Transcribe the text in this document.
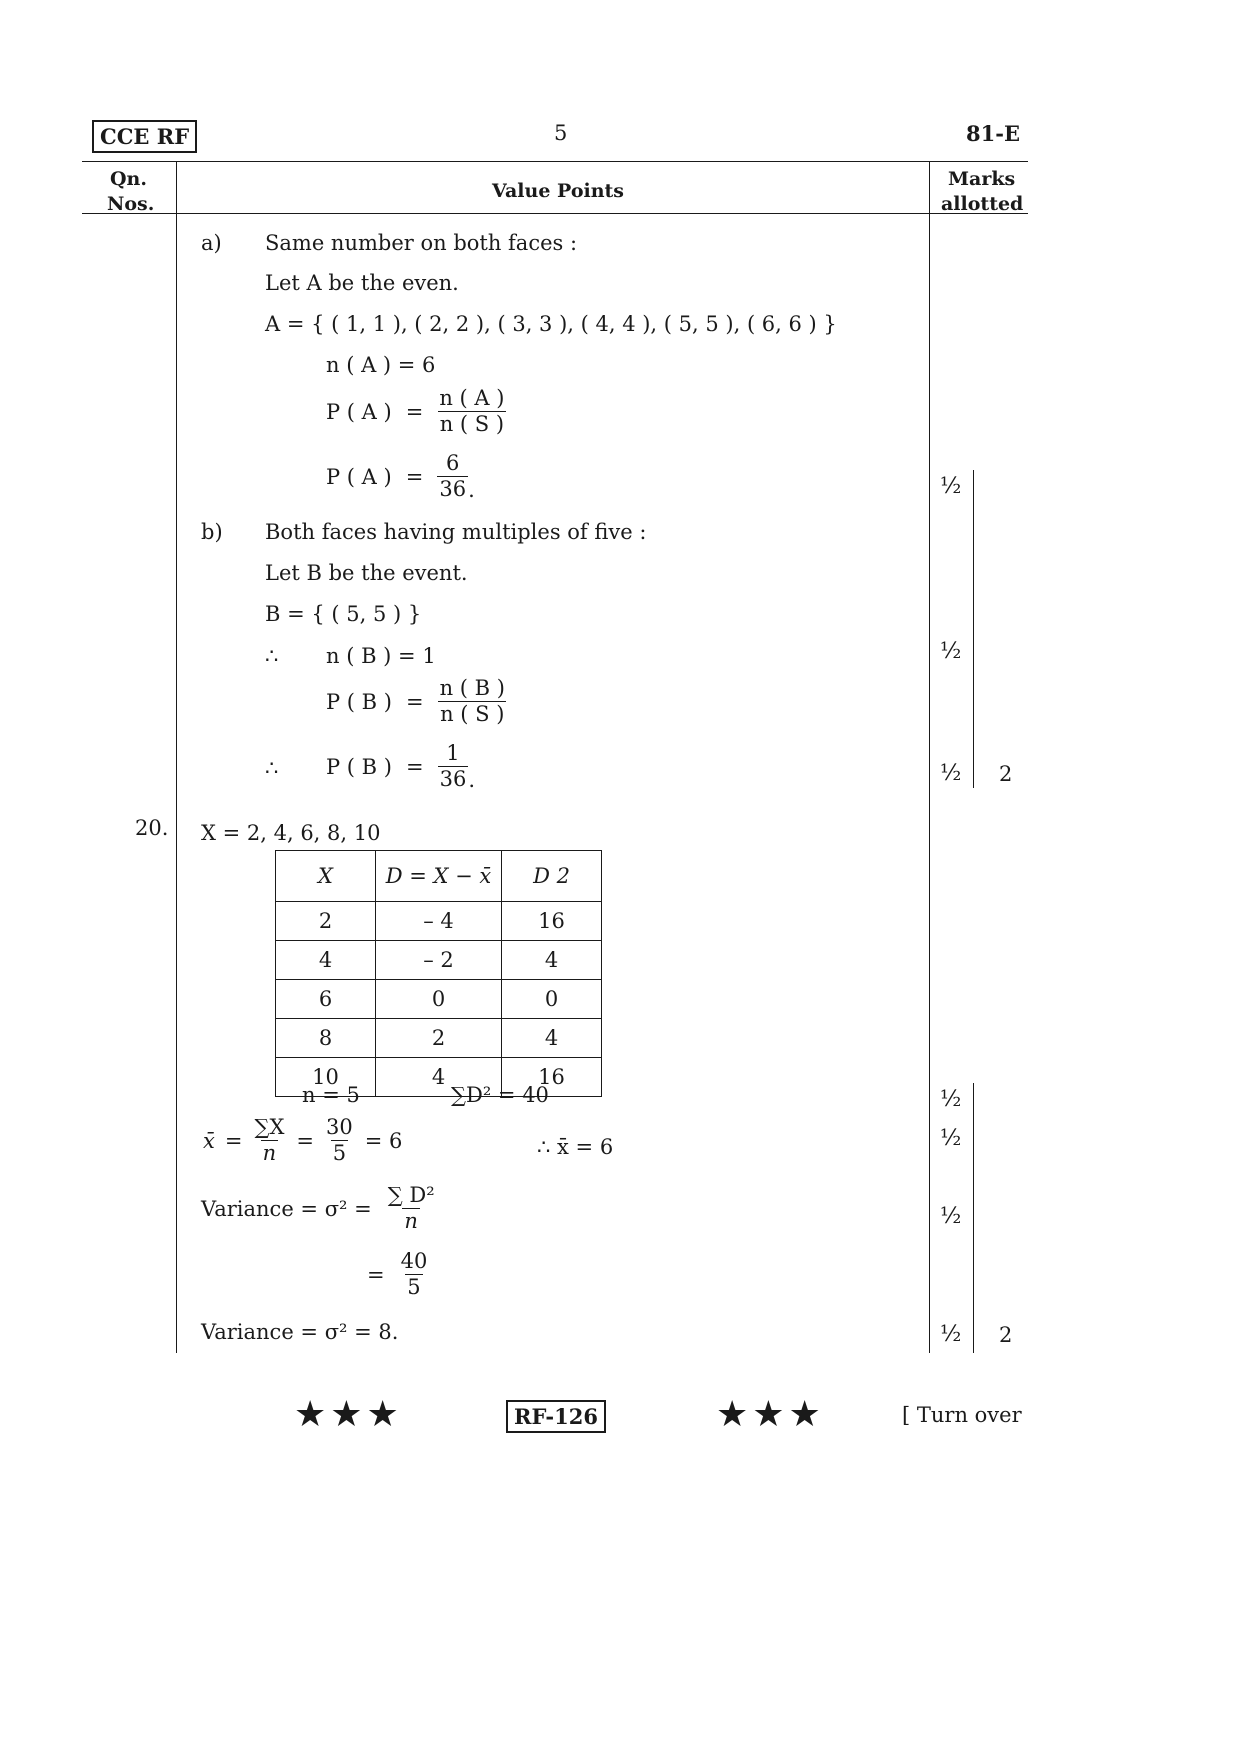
CCE RF	5	81-E
Qn.
Nos.
Value Points
Marks
allotted
a) Same number on both faces :
Let A be the even.
A = { ( 1, 1 ), ( 2, 2 ), ( 3, 3 ), ( 4, 4 ), ( 5, 5 ), ( 6, 6 ) }
n ( A ) = 6
P ( A ) = $\frac{n ( A )}{n ( S )}$
P ( A ) = $\frac{6}{36}$ .
b) Both faces having multiples of five :
Let B be the event.
B = { ( 5, 5 ) }
∴ n ( B ) = 1
P ( B ) = $\frac{n ( B )}{n ( S )}$
∴ P ( B ) = $\frac{1}{36}$ .
½
½
½ 2
20. X = 2, 4, 6, 8, 10
X	D = X − x̄	D 2
2	– 4	16
4	– 2	4
6	0	0
8	2	4
10	4	16
n = 5	∑D² = 40
x̄ = $\frac{\sum X}{n} = \frac{30}{5} = 6$	∴ x̄ = 6
Variance = $\sigma^2 = \frac{\text{∑ D²}}{n}$
= $\frac{40}{5}$
Variance = σ² = 8.
½
½
½
½ 2
★★★	RF-126	★★★	[ Turn over
